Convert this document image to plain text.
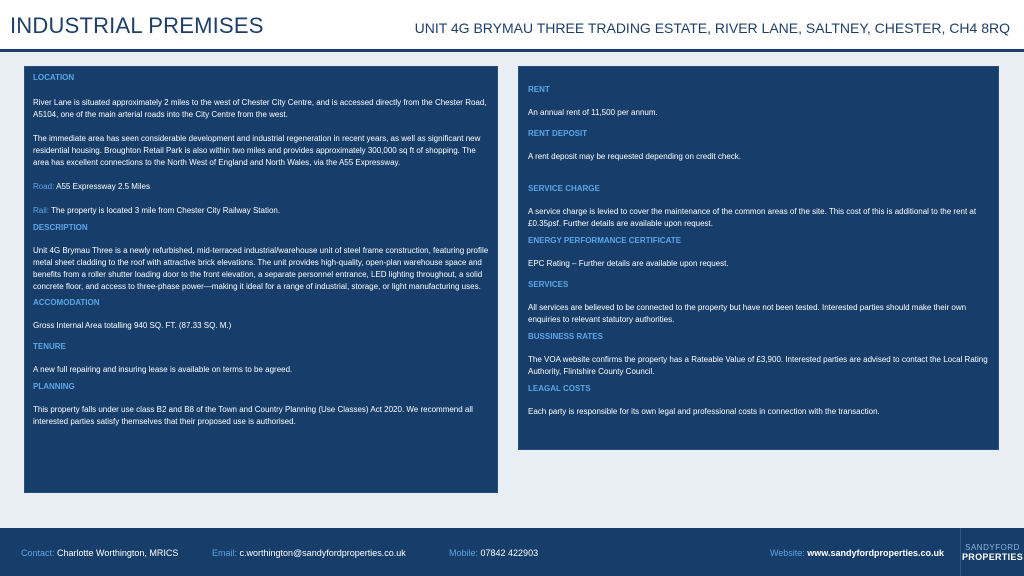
INDUSTRIAL PREMISES	UNIT 4G BRYMAU THREE TRADING ESTATE, RIVER LANE, SALTNEY, CHESTER, CH4 8RQ

LOCATION

River Lane is situated approximately 2 miles to the west of Chester City Centre, and is accessed directly from the Chester Road, A5104, one of the main arterial roads into the City Centre from the west.

The immediate area has seen considerable development and industrial regeneration in recent years, as well as significant new residential housing. Broughton Retail Park is also within two miles and provides approximately 300,000 sq ft of shopping. The area has excellent connections to the North West of England and North Wales, via the A55 Expressway.

Road: A55 Expressway 2.5 Miles

Rail: The property is located 3 mile from Chester City Railway Station.

DESCRIPTION

Unit 4G Brymau Three is a newly refurbished, mid-terraced industrial/warehouse unit of steel frame construction, featuring profile metal sheet cladding to the roof with attractive brick elevations. The unit provides high-quality, open-plan warehouse space and benefits from a roller shutter loading door to the front elevation, a separate personnel entrance, LED lighting throughout, a solid concrete floor, and access to three-phase power—making it ideal for a range of industrial, storage, or light manufacturing uses.

ACCOMODATION

Gross Internal Area totalling 940 SQ. FT. (87.33 SQ. M.)

TENURE

A new full repairing and insuring lease is available on terms to be agreed.

PLANNING

This property falls under use class B2 and B8 of the Town and Country Planning (Use Classes) Act 2020. We recommend all interested parties satisfy themselves that their proposed use is authorised.

RENT

An annual rent of 11,500 per annum.

RENT DEPOSIT

A rent deposit may be requested depending on credit check.

SERVICE CHARGE

A service charge is levied to cover the maintenance of the common areas of the site. This cost of this is additional to the rent at £0.35psf. Further details are available upon request.

ENERGY PERFORMANCE CERTIFICATE

EPC Rating – Further details are available upon request.

SERVICES

All services are believed to be connected to the property but have not been tested. Interested parties should make their own enquiries to relevant statutory authorities.

BUSSINESS RATES

The VOA website confirms the property has a Rateable Value of £3,900. Interested parties are advised to contact the Local Rating Authority, Flintshire County Council.

LEAGAL COSTS

Each party is responsible for its own legal and professional costs in connection with the transaction.

Contact: Charlotte Worthington, MRICS	Email: c.worthington@sandyfordproperties.co.uk	Mobile: 07842 422903	Website: www.sandyfordproperties.co.uk
SANDYFORD
PROPERTIES
